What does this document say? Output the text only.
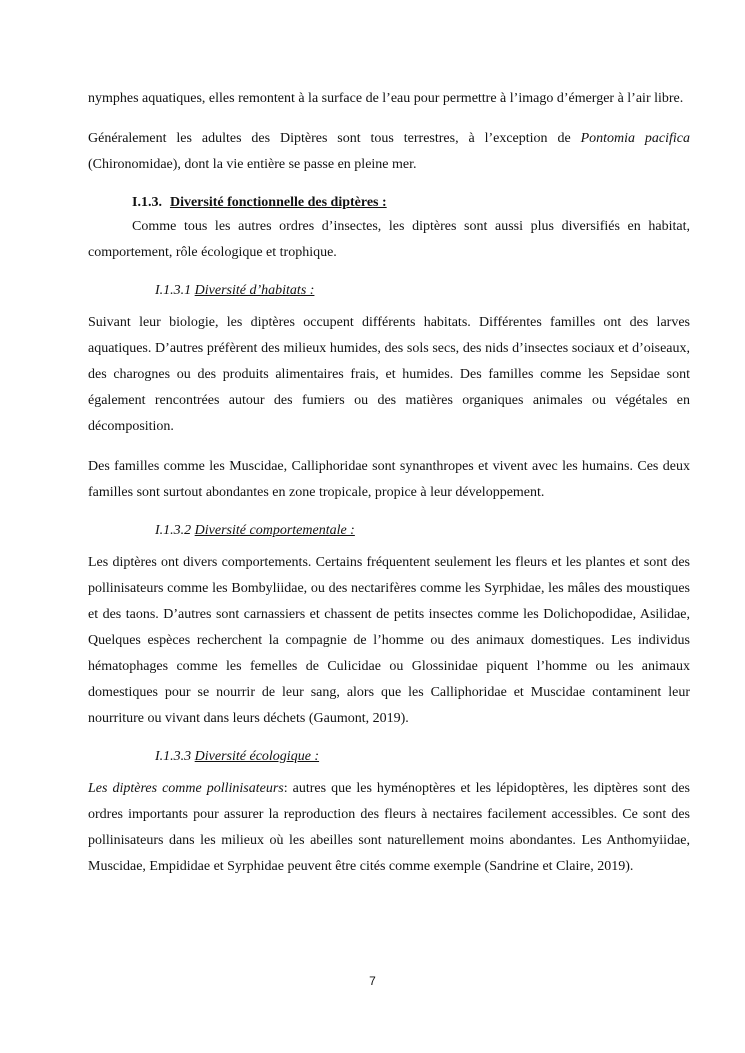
nymphes aquatiques, elles remontent à la surface de l’eau pour permettre à l’imago d’émerger à l’air libre.

Généralement les adultes des Diptères sont tous terrestres, à l’exception de Pontomia pacifica (Chironomidae), dont la vie entière se passe en pleine mer.

I.1.3. Diversité fonctionnelle des diptères :

Comme tous les autres ordres d’insectes, les diptères sont aussi plus diversifiés en habitat, comportement, rôle écologique et trophique.

I.1.3.1 Diversité d’habitats :

Suivant leur biologie, les diptères occupent différents habitats. Différentes familles ont des larves aquatiques. D’autres préfèrent des milieux humides, des sols secs, des nids d’insectes sociaux et d’oiseaux, des charognes ou des produits alimentaires frais, et humides. Des familles comme les Sepsidae sont également rencontrées autour des fumiers ou des matières organiques animales ou végétales en décomposition.

Des familles comme les Muscidae, Calliphoridae sont synanthropes et vivent avec les humains. Ces deux familles sont surtout abondantes en zone tropicale, propice à leur développement.

I.1.3.2 Diversité comportementale :

Les diptères ont divers comportements. Certains fréquentent seulement les fleurs et les plantes et sont des pollinisateurs comme les Bombyliidae, ou des nectarifères comme les Syrphidae, les mâles des moustiques et des taons. D’autres sont carnassiers et chassent de petits insectes comme les Dolichopodidae, Asilidae, Quelques espèces recherchent la compagnie de l’homme ou des animaux domestiques. Les individus hématophages comme les femelles de Culicidae ou Glossinidae piquent l’homme ou les animaux domestiques pour se nourrir de leur sang, alors que les Calliphoridae et Muscidae contaminent leur nourriture ou vivant dans leurs déchets (Gaumont, 2019).

I.1.3.3 Diversité écologique :

Les diptères comme pollinisateurs: autres que les hyménoptères et les lépidoptères, les diptères sont des ordres importants pour assurer la reproduction des fleurs à nectaires facilement accessibles. Ce sont des pollinisateurs dans les milieux où les abeilles sont naturellement moins abondantes. Les Anthomyiidae, Muscidae, Empididae et Syrphidae peuvent être cités comme exemple (Sandrine et Claire, 2019).

7
